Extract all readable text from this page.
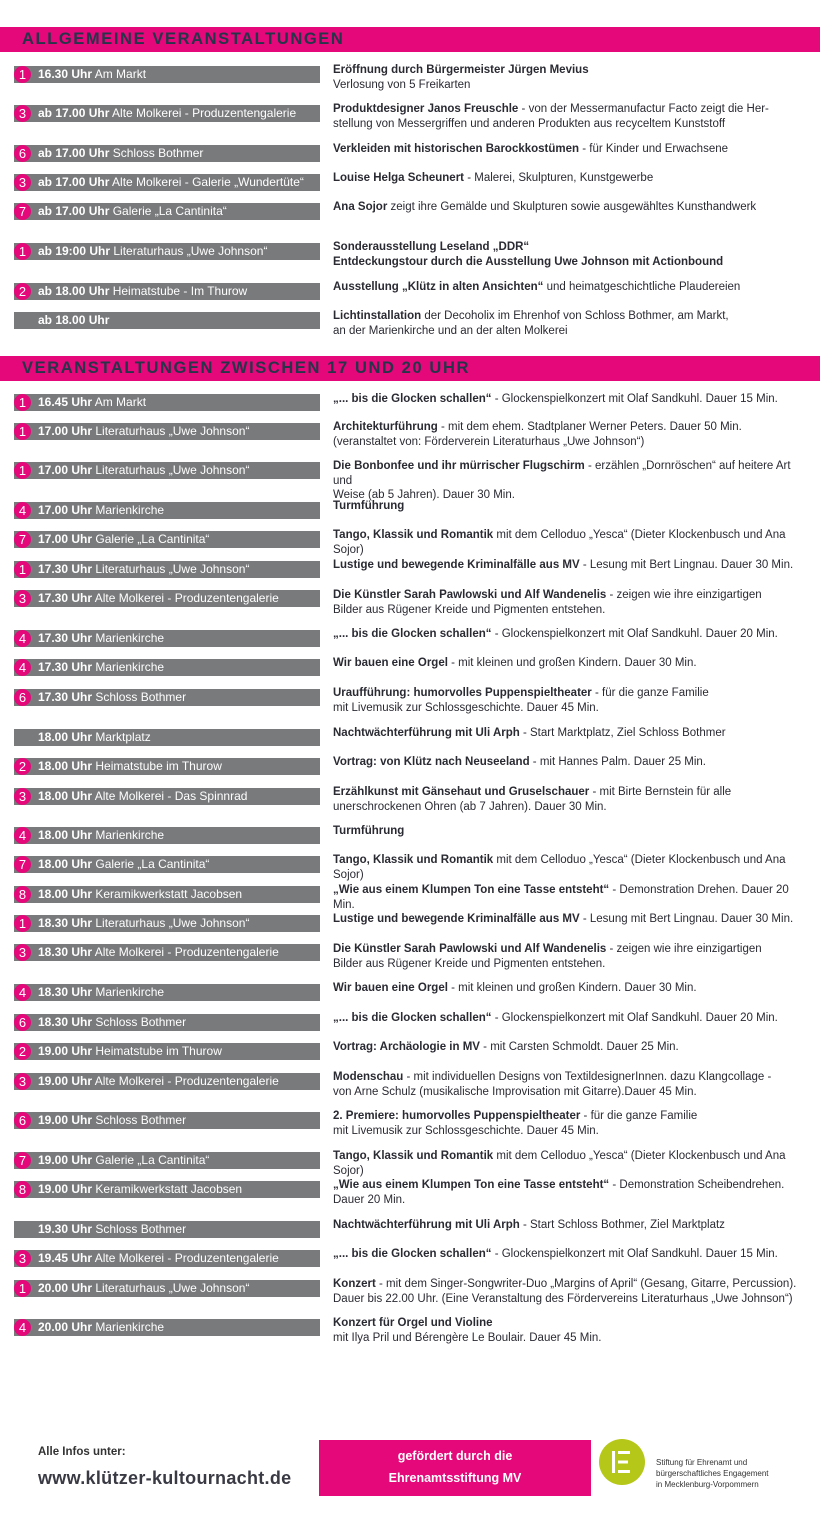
ALLGEMEINE VERANSTALTUNGEN
1 16.30 Uhr Am Markt	Eröffnung durch Bürgermeister Jürgen Mevius
Verlosung von 5 Freikarten
3 ab 17.00 Uhr Alte Molkerei - Produzentengalerie	Produktdesigner Janos Freuschle - von der Messermanufactur Facto zeigt die Her-
stellung von Messergriffen und anderen Produkten aus recyceltem Kunststoff
6 ab 17.00 Uhr Schloss Bothmer	Verkleiden mit historischen Barockkostümen - für Kinder und Erwachsene
3 ab 17.00 Uhr Alte Molkerei - Galerie „Wundertüte“	Louise Helga Scheunert - Malerei, Skulpturen, Kunstgewerbe
7 ab 17.00 Uhr Galerie „La Cantinita“	Ana Sojor zeigt ihre Gemälde und Skulpturen sowie ausgewähltes Kunsthandwerk
1 ab 19:00 Uhr Literaturhaus „Uwe Johnson“	Sonderausstellung Leseland „DDR“
Entdeckungstour durch die Ausstellung Uwe Johnson mit Actionbound
2 ab 18.00 Uhr Heimatstube - Im Thurow	Ausstellung „Klütz in alten Ansichten“ und heimatgeschichtliche Plaudereien
ab 18.00 Uhr	Lichtinstallation der Decoholix im Ehrenhof von Schloss Bothmer, am Markt,
an der Marienkirche und an der alten Molkerei
VERANSTALTUNGEN ZWISCHEN 17 UND 20 UHR
1 16.45 Uhr Am Markt	„... bis die Glocken schallen“ - Glockenspielkonzert mit Olaf Sandkuhl. Dauer 15 Min.
1 17.00 Uhr Literaturhaus „Uwe Johnson“	Architekturführung - mit dem ehem. Stadtplaner Werner Peters. Dauer 50 Min.
(veranstaltet von: Förderverein Literaturhaus „Uwe Johnson“)
1 17.00 Uhr Literaturhaus „Uwe Johnson“	Die Bonbonfee und ihr mürrischer Flugschirm - erzählen „Dornröschen“ auf heitere Art und
Weise (ab 5 Jahren). Dauer 30 Min.
4 17.00 Uhr Marienkirche	Turmführung
7 17.00 Uhr Galerie „La Cantinita“	Tango, Klassik und Romantik mit dem Celloduo „Yesca“ (Dieter Klockenbusch und Ana Sojor)
1 17.30 Uhr Literaturhaus „Uwe Johnson“	Lustige und bewegende Kriminalfälle aus MV - Lesung mit Bert Lingnau. Dauer 30 Min.
3 17.30 Uhr Alte Molkerei - Produzentengalerie	Die Künstler Sarah Pawlowski und Alf Wandenelis - zeigen wie ihre einzigartigen
Bilder aus Rügener Kreide und Pigmenten entstehen.
4 17.30 Uhr Marienkirche	„... bis die Glocken schallen“ - Glockenspielkonzert mit Olaf Sandkuhl. Dauer 20 Min.
4 17.30 Uhr Marienkirche	Wir bauen eine Orgel - mit kleinen und großen Kindern. Dauer 30 Min.
6 17.30 Uhr Schloss Bothmer	Uraufführung: humorvolles Puppenspieltheater - für die ganze Familie
mit Livemusik zur Schlossgeschichte. Dauer 45 Min.
18.00 Uhr Marktplatz	Nachtwächterführung mit Uli Arph - Start Marktplatz, Ziel Schloss Bothmer
2 18.00 Uhr Heimatstube im Thurow	Vortrag: von Klütz nach Neuseeland - mit Hannes Palm. Dauer 25 Min.
3 18.00 Uhr Alte Molkerei - Das Spinnrad	Erzählkunst mit Gänsehaut und Gruselschauer - mit Birte Bernstein für alle
unerschrockenen Ohren (ab 7 Jahren). Dauer 30 Min.
4 18.00 Uhr Marienkirche	Turmführung
7 18.00 Uhr Galerie „La Cantinita“	Tango, Klassik und Romantik mit dem Celloduo „Yesca“ (Dieter Klockenbusch und Ana Sojor)
8 18.00 Uhr Keramikwerkstatt Jacobsen	„Wie aus einem Klumpen Ton eine Tasse entsteht“ - Demonstration Drehen. Dauer 20 Min.
1 18.30 Uhr Literaturhaus „Uwe Johnson“	Lustige und bewegende Kriminalfälle aus MV - Lesung mit Bert Lingnau. Dauer 30 Min.
3 18.30 Uhr Alte Molkerei - Produzentengalerie	Die Künstler Sarah Pawlowski und Alf Wandenelis - zeigen wie ihre einzigartigen
Bilder aus Rügener Kreide und Pigmenten entstehen.
4 18.30 Uhr Marienkirche	Wir bauen eine Orgel - mit kleinen und großen Kindern. Dauer 30 Min.
6 18.30 Uhr Schloss Bothmer	„... bis die Glocken schallen“ - Glockenspielkonzert mit Olaf Sandkuhl. Dauer 20 Min.
2 19.00 Uhr Heimatstube im Thurow	Vortrag: Archäologie in MV - mit Carsten Schmoldt. Dauer 25 Min.
3 19.00 Uhr Alte Molkerei - Produzentengalerie	Modenschau - mit individuellen Designs von TextildesignerInnen. dazu Klangcollage -
von Arne Schulz (musikalische Improvisation mit Gitarre).Dauer 45 Min.
6 19.00 Uhr Schloss Bothmer	2. Premiere: humorvolles Puppenspieltheater - für die ganze Familie
mit Livemusik zur Schlossgeschichte. Dauer 45 Min.
7 19.00 Uhr Galerie „La Cantinita“	Tango, Klassik und Romantik mit dem Celloduo „Yesca“ (Dieter Klockenbusch und Ana Sojor)
8 19.00 Uhr Keramikwerkstatt Jacobsen	„Wie aus einem Klumpen Ton eine Tasse entsteht“ - Demonstration Scheibendrehen.
Dauer 20 Min.
19.30 Uhr Schloss Bothmer	Nachtwächterführung mit Uli Arph - Start Schloss Bothmer, Ziel Marktplatz
3 19.45 Uhr Alte Molkerei - Produzentengalerie	„... bis die Glocken schallen“ - Glockenspielkonzert mit Olaf Sandkuhl. Dauer 15 Min.
1 20.00 Uhr Literaturhaus „Uwe Johnson“	Konzert - mit dem Singer-Songwriter-Duo „Margins of April“ (Gesang, Gitarre, Percussion).
Dauer bis 22.00 Uhr. (Eine Veranstaltung des Fördervereins Literaturhaus „Uwe Johnson“)
4 20.00 Uhr Marienkirche	Konzert für Orgel und Violine
mit Ilya Pril und Bérengère Le Boulair. Dauer 45 Min.
Alle Infos unter:
www.klützer-kultournacht.de
gefördert durch die
Ehrenamtsstiftung MV
Stiftung für Ehrenamt und
bürgerschaftliches Engagement
in Mecklenburg-Vorpommern
